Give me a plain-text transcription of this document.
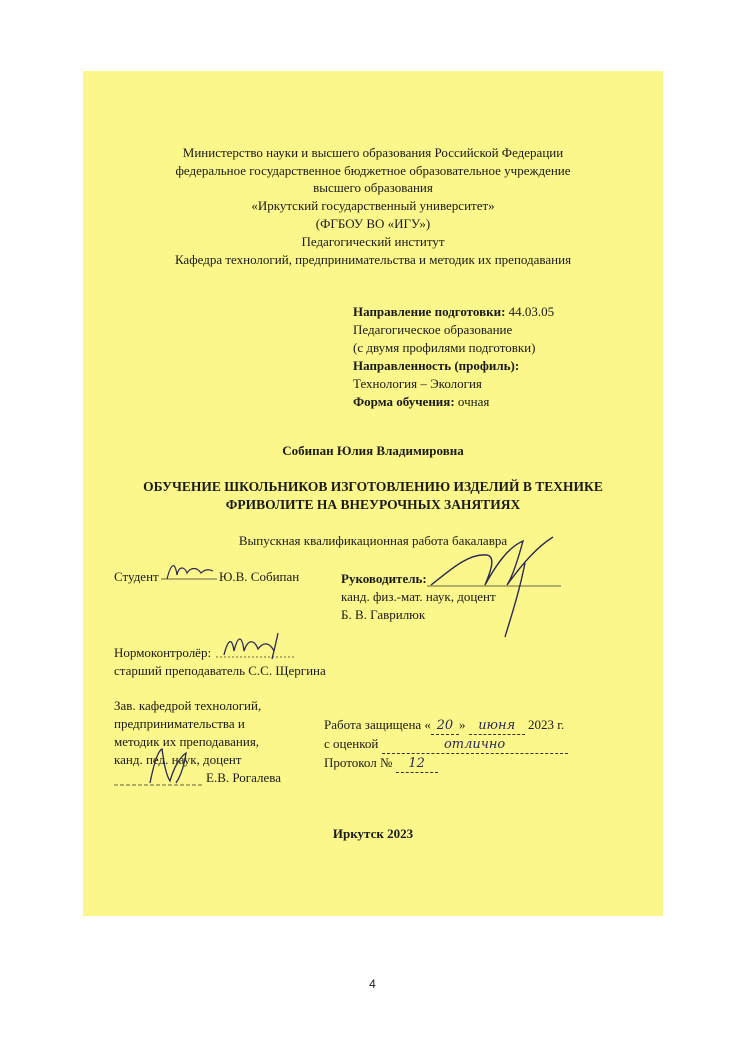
Министерство науки и высшего образования Российской Федерации
федеральное государственное бюджетное образовательное учреждение
высшего образования
«Иркутский государственный университет»
(ФГБОУ ВО «ИГУ»)
Педагогический институт
Кафедра технологий, предпринимательства и методик их преподавания
Направление подготовки: 44.03.05
Педагогическое образование
(с двумя профилями подготовки)
Направленность (профиль):
Технология – Экология
Форма обучения: очная
Собипан Юлия Владимировна
ОБУЧЕНИЕ ШКОЛЬНИКОВ ИЗГОТОВЛЕНИЮ ИЗДЕЛИЙ В ТЕХНИКЕ
ФРИВОЛИТЕ НА ВНЕУРОЧНЫХ ЗАНЯТИЯХ
Выпускная квалификационная работа бакалавра
Студент	Ю.В. Собипан	Руководитель:
канд. физ.-мат. наук, доцент
Б. В. Гаврилюк
Нормоконтролёр:
старший преподаватель С.С. Щергина
Зав. кафедрой технологий,
предпринимательства и
методик их преподавания,
канд. пед. наук, доцент
Е.В. Рогалева
Работа защищена « 20 » июня 2023 г.
с оценкой	отлично
Протокол № 12
Иркутск 2023
4
